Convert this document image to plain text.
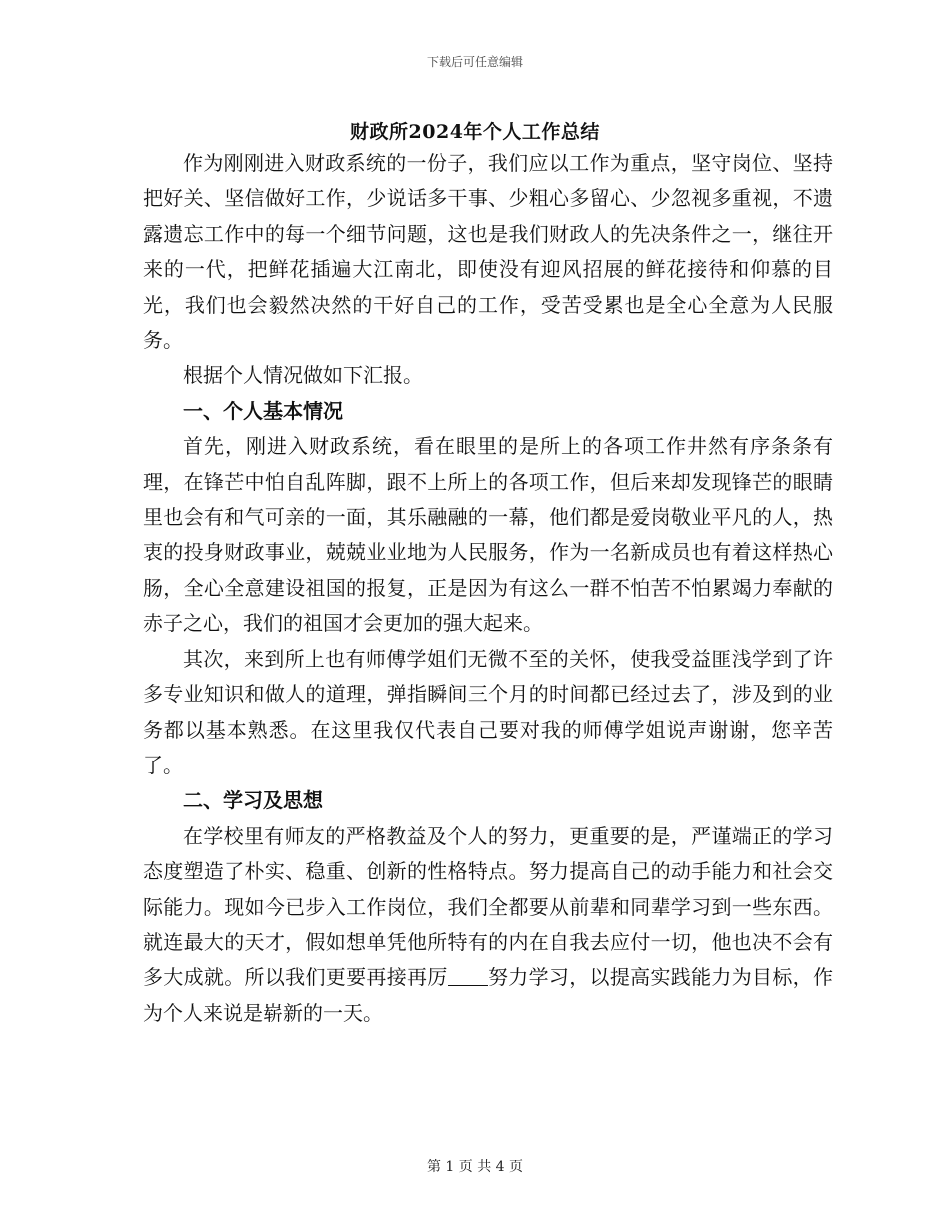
下载后可任意编辑
财政所2024年个人工作总结

作为刚刚进入财政系统的一份子，我们应以工作为重点，坚守岗位、坚持把好关、坚信做好工作，少说话多干事、少粗心多留心、少忽视多重视，不遗露遗忘工作中的每一个细节问题，这也是我们财政人的先决条件之一，继往开来的一代，把鲜花插遍大江南北，即使没有迎风招展的鲜花接待和仰慕的目光，我们也会毅然决然的干好自己的工作，受苦受累也是全心全意为人民服务。

根据个人情况做如下汇报。

一、个人基本情况

首先，刚进入财政系统，看在眼里的是所上的各项工作井然有序条条有理，在锋芒中怕自乱阵脚，跟不上所上的各项工作，但后来却发现锋芒的眼睛里也会有和气可亲的一面，其乐融融的一幕，他们都是爱岗敬业平凡的人，热衷的投身财政事业，兢兢业业地为人民服务，作为一名新成员也有着这样热心肠，全心全意建设祖国的报复，正是因为有这么一群不怕苦不怕累竭力奉献的赤子之心，我们的祖国才会更加的强大起来。

其次，来到所上也有师傅学姐们无微不至的关怀，使我受益匪浅学到了许多专业知识和做人的道理，弹指瞬间三个月的时间都已经过去了，涉及到的业务都以基本熟悉。在这里我仅代表自己要对我的师傅学姐说声谢谢，您辛苦了。

二、学习及思想

在学校里有师友的严格教益及个人的努力，更重要的是，严谨端正的学习态度塑造了朴实、稳重、创新的性格特点。努力提高自己的动手能力和社会交际能力。现如今已步入工作岗位，我们全都要从前辈和同辈学习到一些东西。就连最大的天才，假如想单凭他所特有的内在自我去应付一切，他也决不会有多大成就。所以我们更要再接再厉 努力学习，以提高实践能力为目标，作为个人来说是崭新的一天。

第 1 页 共 4 页
